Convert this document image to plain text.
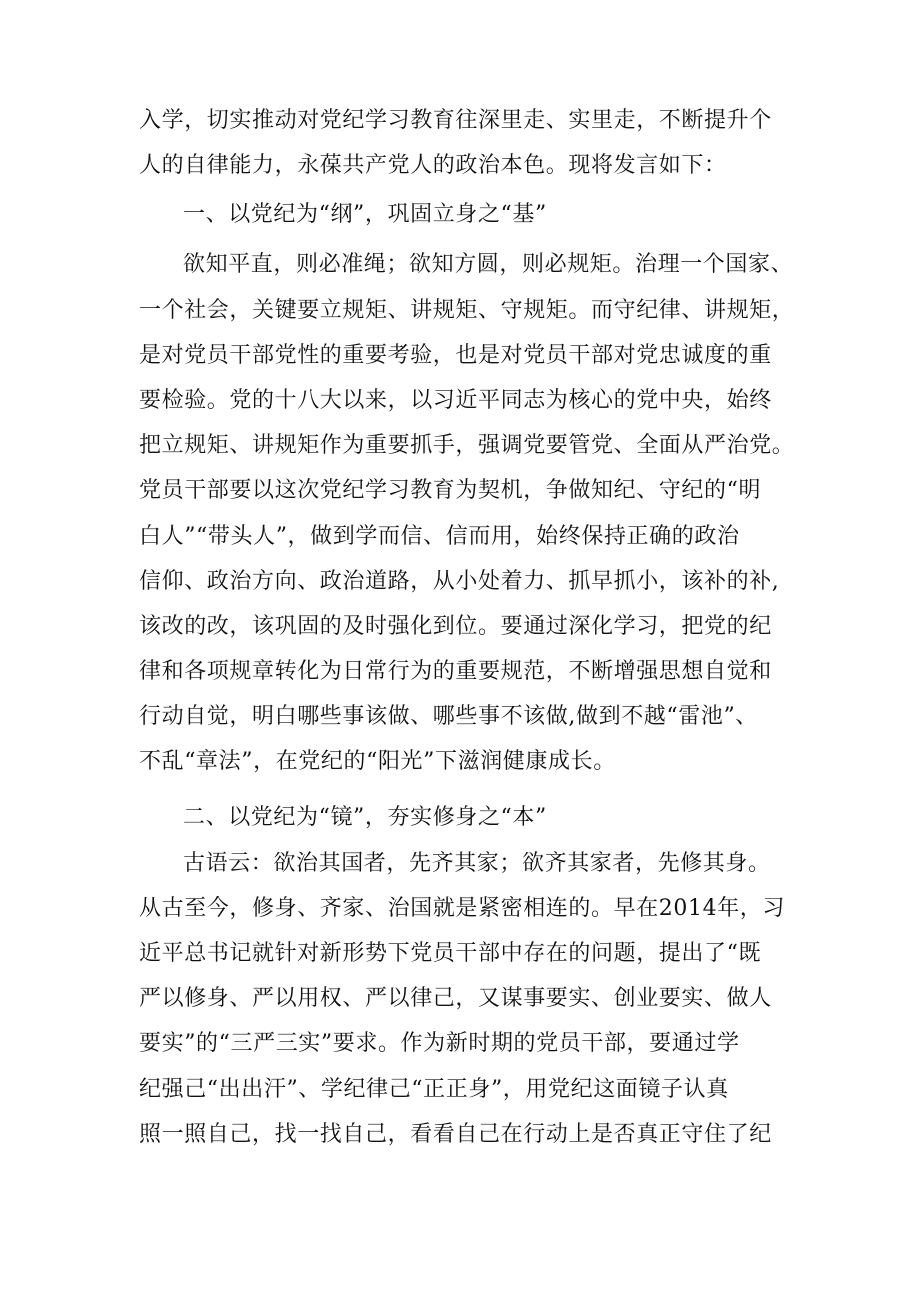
入学，切实推动对党纪学习教育往深里走、实里走，不断提升个
人的自律能力，永葆共产党人的政治本色。现将发言如下：
一、以党纪为“纲”，巩固立身之“基”
欲知平直，则必准绳；欲知方圆，则必规矩。治理一个国家、
一个社会，关键要立规矩、讲规矩、守规矩。而守纪律、讲规矩，
是对党员干部党性的重要考验，也是对党员干部对党忠诚度的重
要检验。党的十八大以来，以习近平同志为核心的党中央，始终
把立规矩、讲规矩作为重要抓手，强调党要管党、全面从严治党。
党员干部要以这次党纪学习教育为契机，争做知纪、守纪的“明
白人”“带头人”，做到学而信、信而用，始终保持正确的政治
信仰、政治方向、政治道路，从小处着力、抓早抓小，该补的补,
该改的改，该巩固的及时强化到位。要通过深化学习，把党的纪
律和各项规章转化为日常行为的重要规范，不断增强思想自觉和
行动自觉，明白哪些事该做、哪些事不该做,做到不越“雷池”、
不乱“章法”，在党纪的“阳光”下滋润健康成长。
二、以党纪为“镜”，夯实修身之“本”
古语云：欲治其国者，先齐其家；欲齐其家者，先修其身。
从古至今，修身、齐家、治国就是紧密相连的。早在2014年，习
近平总书记就针对新形势下党员干部中存在的问题，提出了“既
严以修身、严以用权、严以律己，又谋事要实、创业要实、做人
要实”的“三严三实”要求。作为新时期的党员干部，要通过学
纪强己“出出汗”、学纪律己“正正身”，用党纪这面镜子认真
照一照自己，找一找自己，看看自己在行动上是否真正守住了纪
